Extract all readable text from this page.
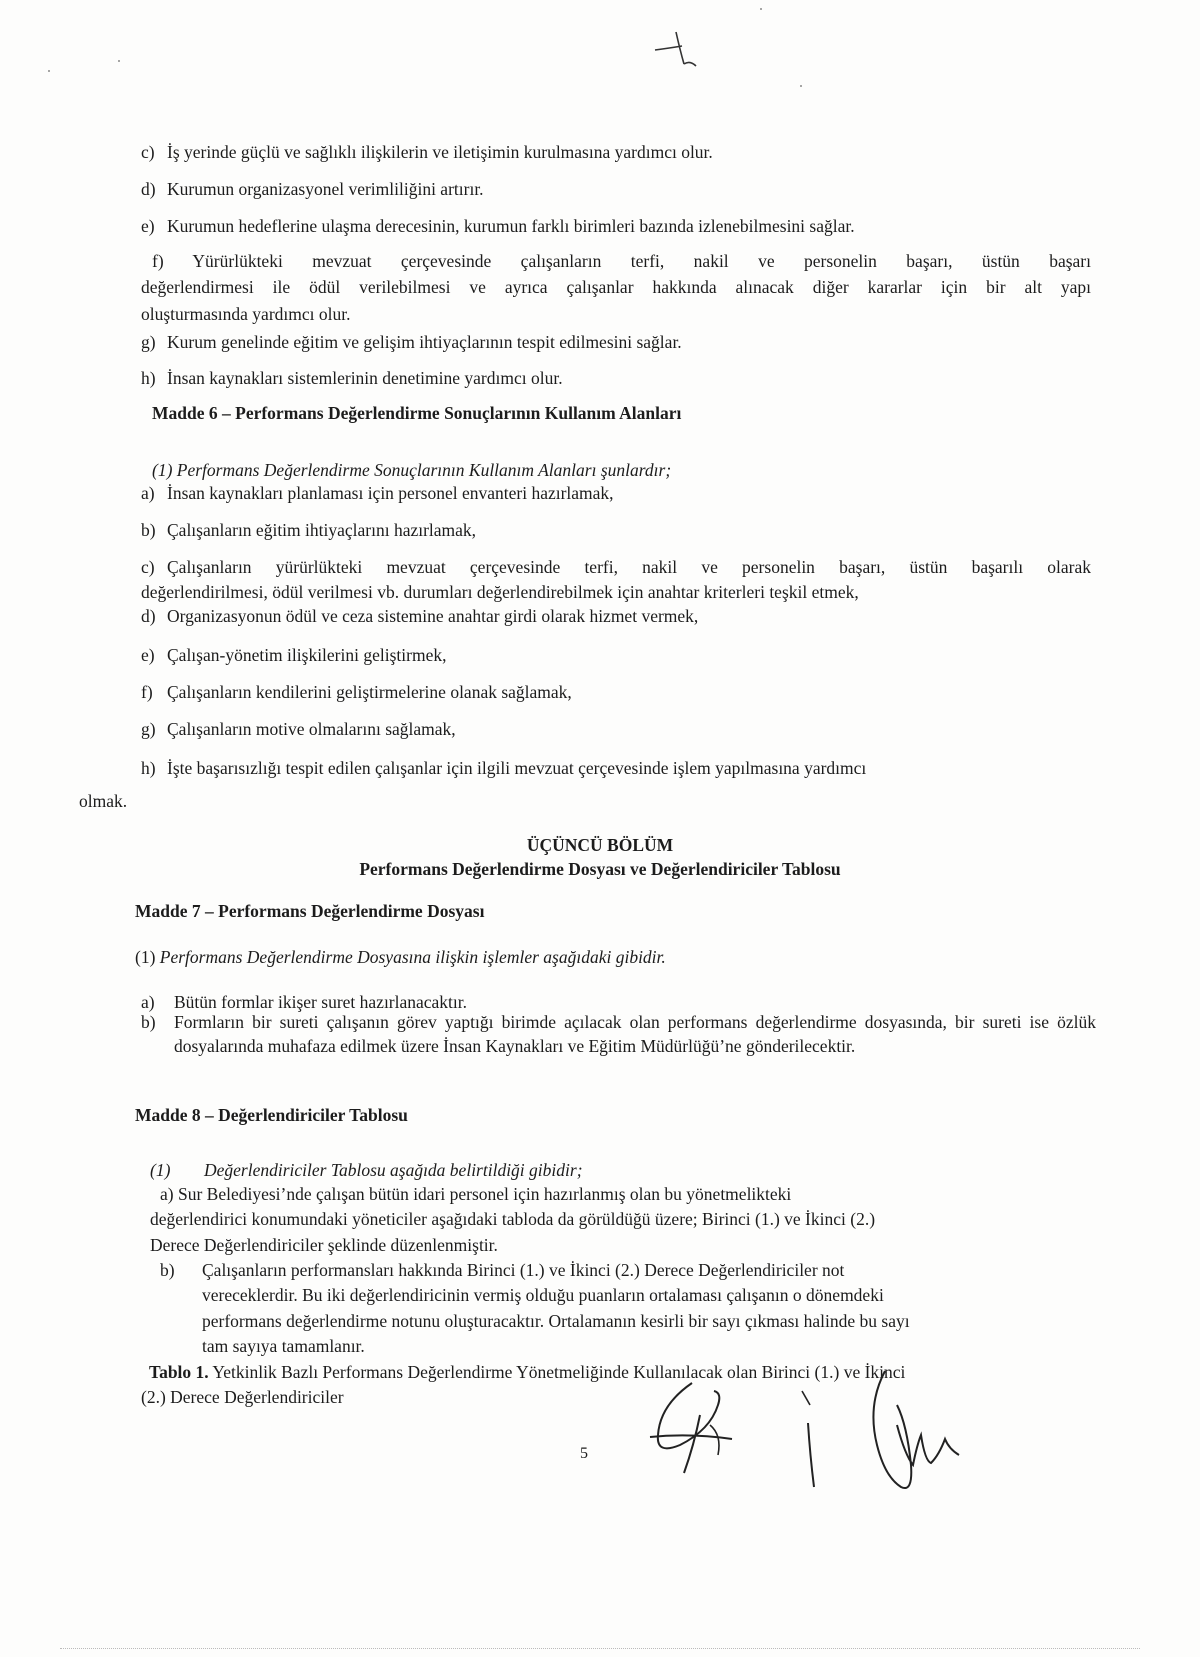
c) İş yerinde güçlü ve sağlıklı ilişkilerin ve iletişimin kurulmasına yardımcı olur.
d) Kurumun organizasyonel verimliliğini artırır.
e) Kurumun hedeflerine ulaşma derecesinin, kurumun farklı birimleri bazında izlenebilmesini sağlar.
f) Yürürlükteki mevzuat çerçevesinde çalışanların terfi, nakil ve personelin başarı, üstün başarı
değerlendirmesi ile ödül verilebilmesi ve ayrıca çalışanlar hakkında alınacak diğer kararlar için bir alt yapı
oluşturmasında yardımcı olur.
g) Kurum genelinde eğitim ve gelişim ihtiyaçlarının tespit edilmesini sağlar.
h) İnsan kaynakları sistemlerinin denetimine yardımcı olur.
Madde 6 – Performans Değerlendirme Sonuçlarının Kullanım Alanları
(1) Performans Değerlendirme Sonuçlarının Kullanım Alanları şunlardır;
a) İnsan kaynakları planlaması için personel envanteri hazırlamak,
b) Çalışanların eğitim ihtiyaçlarını hazırlamak,
c) Çalışanların yürürlükteki mevzuat çerçevesinde terfi, nakil ve personelin başarı, üstün başarılı olarak
değerlendirilmesi, ödül verilmesi vb. durumları değerlendirebilmek için anahtar kriterleri teşkil etmek,
d) Organizasyonun ödül ve ceza sistemine anahtar girdi olarak hizmet vermek,
e) Çalışan-yönetim ilişkilerini geliştirmek,
f) Çalışanların kendilerini geliştirmelerine olanak sağlamak,
g) Çalışanların motive olmalarını sağlamak,
h) İşte başarısızlığı tespit edilen çalışanlar için ilgili mevzuat çerçevesinde işlem yapılmasına yardımcı
olmak.
ÜÇÜNCÜ BÖLÜM
Performans Değerlendirme Dosyası ve Değerlendiriciler Tablosu
Madde 7 – Performans Değerlendirme Dosyası
(1) Performans Değerlendirme Dosyasına ilişkin işlemler aşağıdaki gibidir.
a)	Bütün formlar ikişer suret hazırlanacaktır.
b)	Formların bir sureti çalışanın görev yaptığı birimde açılacak olan performans değerlendirme dosyasında, bir sureti ise özlük dosyalarında muhafaza edilmek üzere İnsan Kaynakları ve Eğitim Müdürlüğü’ne gönderilecektir.
Madde 8 – Değerlendiriciler Tablosu
(1) Değerlendiriciler Tablosu aşağıda belirtildiği gibidir;
a) Sur Belediyesi’nde çalışan bütün idari personel için hazırlanmış olan bu yönetmelikteki
değerlendirici konumundaki yöneticiler aşağıdaki tabloda da görüldüğü üzere; Birinci (1.) ve İkinci (2.)
Derece Değerlendiriciler şeklinde düzenlenmiştir.
b)	Çalışanların performansları hakkında Birinci (1.) ve İkinci (2.) Derece Değerlendiriciler not
vereceklerdir. Bu iki değerlendiricinin vermiş olduğu puanların ortalaması çalışanın o dönemdeki
performans değerlendirme notunu oluşturacaktır. Ortalamanın kesirli bir sayı çıkması halinde bu sayı
tam sayıya tamamlanır.
Tablo 1. Yetkinlik Bazlı Performans Değerlendirme Yönetmeliğinde Kullanılacak olan Birinci (1.) ve İkinci
(2.) Derece Değerlendiriciler
5
